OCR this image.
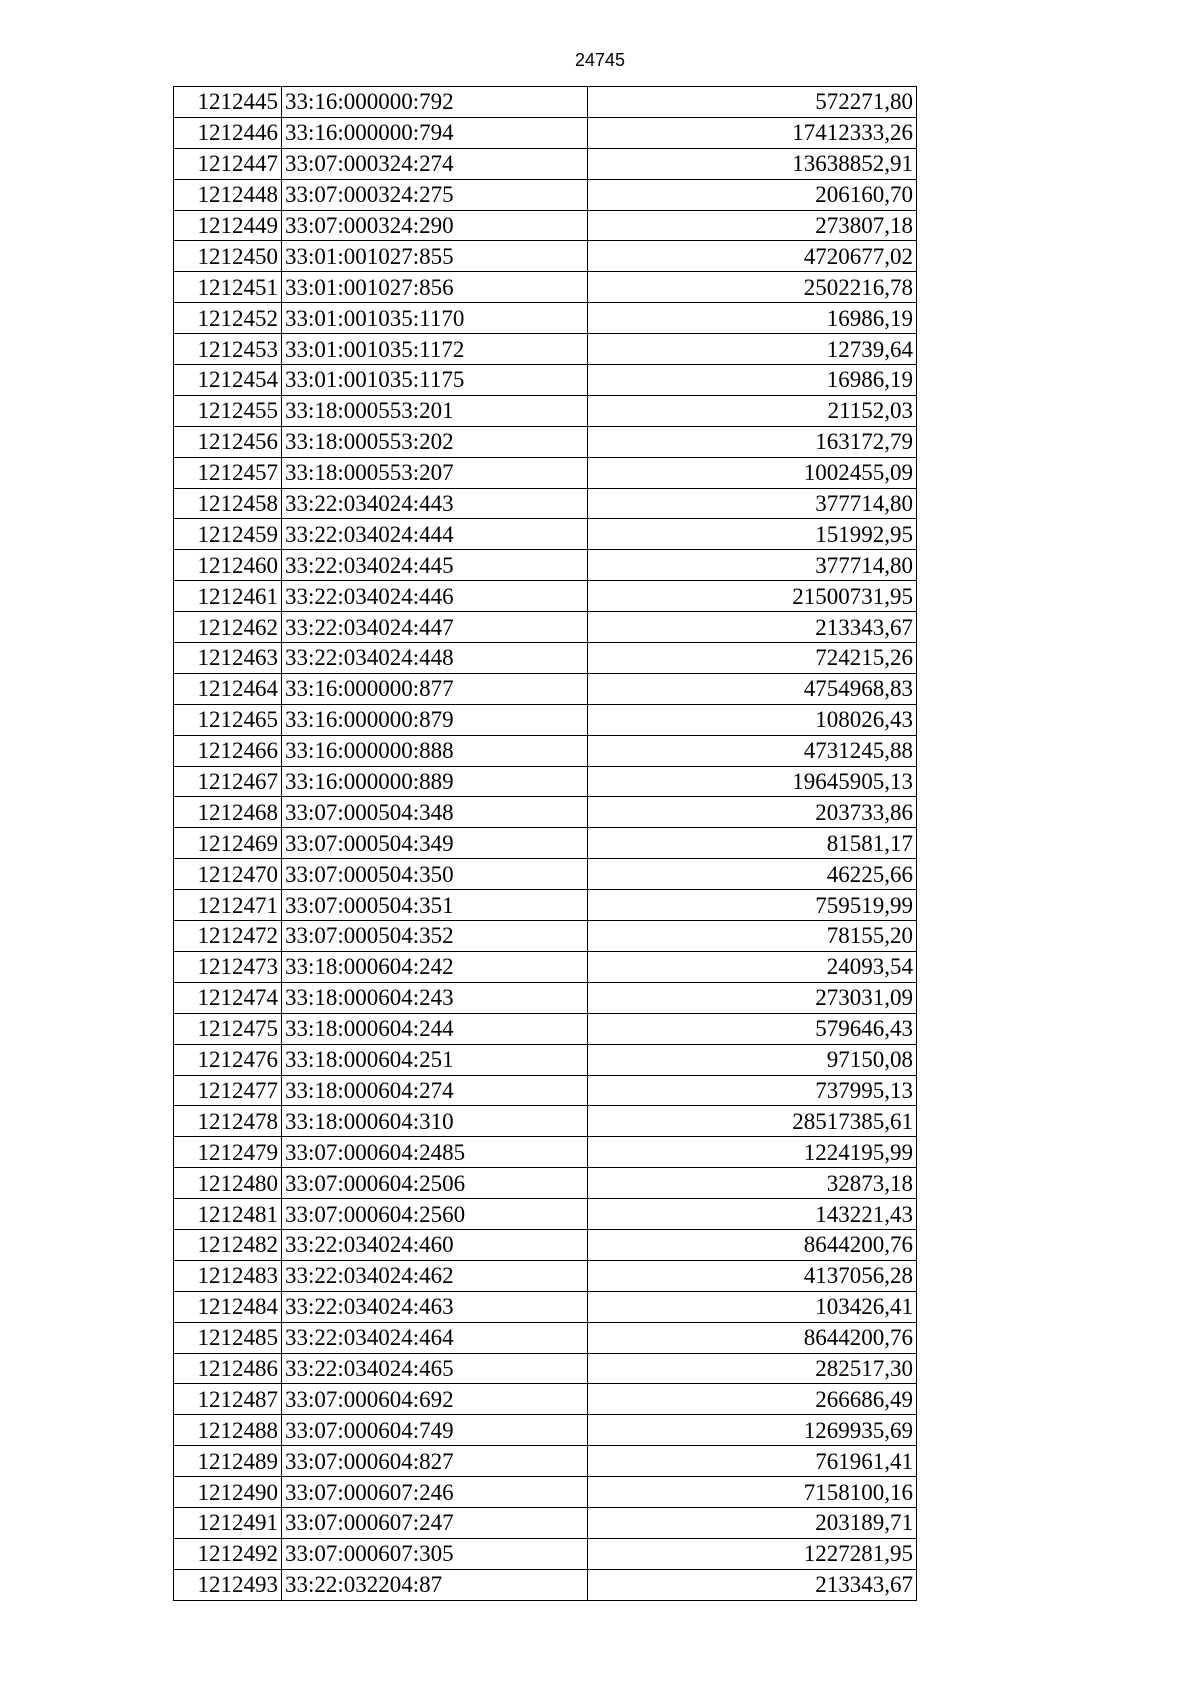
24745
1212445	33:16:000000:792	572271,80
1212446	33:16:000000:794	17412333,26
1212447	33:07:000324:274	13638852,91
1212448	33:07:000324:275	206160,70
1212449	33:07:000324:290	273807,18
1212450	33:01:001027:855	4720677,02
1212451	33:01:001027:856	2502216,78
1212452	33:01:001035:1170	16986,19
1212453	33:01:001035:1172	12739,64
1212454	33:01:001035:1175	16986,19
1212455	33:18:000553:201	21152,03
1212456	33:18:000553:202	163172,79
1212457	33:18:000553:207	1002455,09
1212458	33:22:034024:443	377714,80
1212459	33:22:034024:444	151992,95
1212460	33:22:034024:445	377714,80
1212461	33:22:034024:446	21500731,95
1212462	33:22:034024:447	213343,67
1212463	33:22:034024:448	724215,26
1212464	33:16:000000:877	4754968,83
1212465	33:16:000000:879	108026,43
1212466	33:16:000000:888	4731245,88
1212467	33:16:000000:889	19645905,13
1212468	33:07:000504:348	203733,86
1212469	33:07:000504:349	81581,17
1212470	33:07:000504:350	46225,66
1212471	33:07:000504:351	759519,99
1212472	33:07:000504:352	78155,20
1212473	33:18:000604:242	24093,54
1212474	33:18:000604:243	273031,09
1212475	33:18:000604:244	579646,43
1212476	33:18:000604:251	97150,08
1212477	33:18:000604:274	737995,13
1212478	33:18:000604:310	28517385,61
1212479	33:07:000604:2485	1224195,99
1212480	33:07:000604:2506	32873,18
1212481	33:07:000604:2560	143221,43
1212482	33:22:034024:460	8644200,76
1212483	33:22:034024:462	4137056,28
1212484	33:22:034024:463	103426,41
1212485	33:22:034024:464	8644200,76
1212486	33:22:034024:465	282517,30
1212487	33:07:000604:692	266686,49
1212488	33:07:000604:749	1269935,69
1212489	33:07:000604:827	761961,41
1212490	33:07:000607:246	7158100,16
1212491	33:07:000607:247	203189,71
1212492	33:07:000607:305	1227281,95
1212493	33:22:032204:87	213343,67
